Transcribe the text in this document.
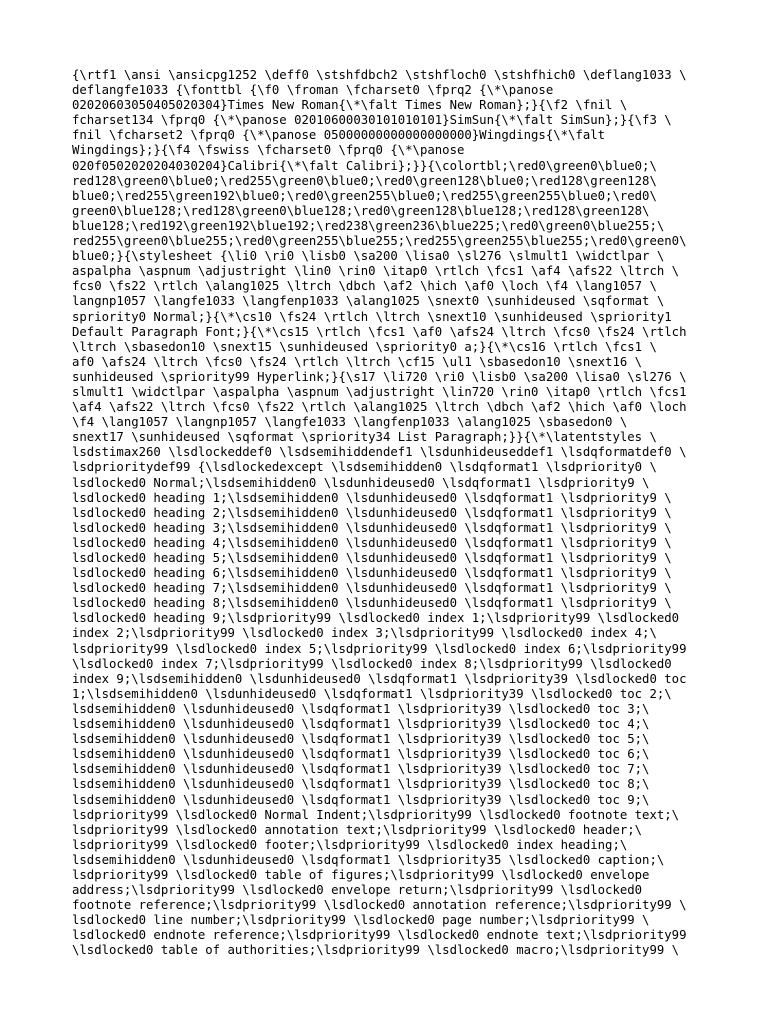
{\rtf1 \ansi \ansicpg1252 \deff0 \stshfdbch2 \stshfloch0 \stshfhich0 \deflang1033 \
deflangfe1033 {\fonttbl {\f0 \froman \fcharset0 \fprq2 {\*\panose
02020603050405020304}Times New Roman{\*\falt Times New Roman};}{\f2 \fnil \
fcharset134 \fprq0 {\*\panose 02010600030101010101}SimSun{\*\falt SimSun};}{\f3 \
fnil \fcharset2 \fprq0 {\*\panose 05000000000000000000}Wingdings{\*\falt
Wingdings};}{\f4 \fswiss \fcharset0 \fprq0 {\*\panose
020f0502020204030204}Calibri{\*\falt Calibri};}}{\colortbl;\red0\green0\blue0;\
red128\green0\blue0;\red255\green0\blue0;\red0\green128\blue0;\red128\green128\
blue0;\red255\green192\blue0;\red0\green255\blue0;\red255\green255\blue0;\red0\
green0\blue128;\red128\green0\blue128;\red0\green128\blue128;\red128\green128\
blue128;\red192\green192\blue192;\red238\green236\blue225;\red0\green0\blue255;\
red255\green0\blue255;\red0\green255\blue255;\red255\green255\blue255;\red0\green0\
blue0;}{\stylesheet {\li0 \ri0 \lisb0 \sa200 \lisa0 \sl276 \slmult1 \widctlpar \
aspalpha \aspnum \adjustright \lin0 \rin0 \itap0 \rtlch \fcs1 \af4 \afs22 \ltrch \
fcs0 \fs22 \rtlch \alang1025 \ltrch \dbch \af2 \hich \af0 \loch \f4 \lang1057 \
langnp1057 \langfe1033 \langfenp1033 \alang1025 \snext0 \sunhideused \sqformat \
spriority0 Normal;}{\*\cs10 \fs24 \rtlch \ltrch \snext10 \sunhideused \spriority1
Default Paragraph Font;}{\*\cs15 \rtlch \fcs1 \af0 \afs24 \ltrch \fcs0 \fs24 \rtlch
\ltrch \sbasedon10 \snext15 \sunhideused \spriority0 a;}{\*\cs16 \rtlch \fcs1 \
af0 \afs24 \ltrch \fcs0 \fs24 \rtlch \ltrch \cf15 \ul1 \sbasedon10 \snext16 \
sunhideused \spriority99 Hyperlink;}{\s17 \li720 \ri0 \lisb0 \sa200 \lisa0 \sl276 \
slmult1 \widctlpar \aspalpha \aspnum \adjustright \lin720 \rin0 \itap0 \rtlch \fcs1
\af4 \afs22 \ltrch \fcs0 \fs22 \rtlch \alang1025 \ltrch \dbch \af2 \hich \af0 \loch
\f4 \lang1057 \langnp1057 \langfe1033 \langfenp1033 \alang1025 \sbasedon0 \
snext17 \sunhideused \sqformat \spriority34 List Paragraph;}}{\*\latentstyles \
lsdstimax260 \lsdlockeddef0 \lsdsemihiddendef1 \lsdunhideuseddef1 \lsdqformatdef0 \
lsdprioritydef99 {\lsdlockedexcept \lsdsemihidden0 \lsdqformat1 \lsdpriority0 \
lsdlocked0 Normal;\lsdsemihidden0 \lsdunhideused0 \lsdqformat1 \lsdpriority9 \
lsdlocked0 heading 1;\lsdsemihidden0 \lsdunhideused0 \lsdqformat1 \lsdpriority9 \
lsdlocked0 heading 2;\lsdsemihidden0 \lsdunhideused0 \lsdqformat1 \lsdpriority9 \
lsdlocked0 heading 3;\lsdsemihidden0 \lsdunhideused0 \lsdqformat1 \lsdpriority9 \
lsdlocked0 heading 4;\lsdsemihidden0 \lsdunhideused0 \lsdqformat1 \lsdpriority9 \
lsdlocked0 heading 5;\lsdsemihidden0 \lsdunhideused0 \lsdqformat1 \lsdpriority9 \
lsdlocked0 heading 6;\lsdsemihidden0 \lsdunhideused0 \lsdqformat1 \lsdpriority9 \
lsdlocked0 heading 7;\lsdsemihidden0 \lsdunhideused0 \lsdqformat1 \lsdpriority9 \
lsdlocked0 heading 8;\lsdsemihidden0 \lsdunhideused0 \lsdqformat1 \lsdpriority9 \
lsdlocked0 heading 9;\lsdpriority99 \lsdlocked0 index 1;\lsdpriority99 \lsdlocked0
index 2;\lsdpriority99 \lsdlocked0 index 3;\lsdpriority99 \lsdlocked0 index 4;\
lsdpriority99 \lsdlocked0 index 5;\lsdpriority99 \lsdlocked0 index 6;\lsdpriority99
\lsdlocked0 index 7;\lsdpriority99 \lsdlocked0 index 8;\lsdpriority99 \lsdlocked0
index 9;\lsdsemihidden0 \lsdunhideused0 \lsdqformat1 \lsdpriority39 \lsdlocked0 toc
1;\lsdsemihidden0 \lsdunhideused0 \lsdqformat1 \lsdpriority39 \lsdlocked0 toc 2;\
lsdsemihidden0 \lsdunhideused0 \lsdqformat1 \lsdpriority39 \lsdlocked0 toc 3;\
lsdsemihidden0 \lsdunhideused0 \lsdqformat1 \lsdpriority39 \lsdlocked0 toc 4;\
lsdsemihidden0 \lsdunhideused0 \lsdqformat1 \lsdpriority39 \lsdlocked0 toc 5;\
lsdsemihidden0 \lsdunhideused0 \lsdqformat1 \lsdpriority39 \lsdlocked0 toc 6;\
lsdsemihidden0 \lsdunhideused0 \lsdqformat1 \lsdpriority39 \lsdlocked0 toc 7;\
lsdsemihidden0 \lsdunhideused0 \lsdqformat1 \lsdpriority39 \lsdlocked0 toc 8;\
lsdsemihidden0 \lsdunhideused0 \lsdqformat1 \lsdpriority39 \lsdlocked0 toc 9;\
lsdpriority99 \lsdlocked0 Normal Indent;\lsdpriority99 \lsdlocked0 footnote text;\
lsdpriority99 \lsdlocked0 annotation text;\lsdpriority99 \lsdlocked0 header;\
lsdpriority99 \lsdlocked0 footer;\lsdpriority99 \lsdlocked0 index heading;\
lsdsemihidden0 \lsdunhideused0 \lsdqformat1 \lsdpriority35 \lsdlocked0 caption;\
lsdpriority99 \lsdlocked0 table of figures;\lsdpriority99 \lsdlocked0 envelope
address;\lsdpriority99 \lsdlocked0 envelope return;\lsdpriority99 \lsdlocked0
footnote reference;\lsdpriority99 \lsdlocked0 annotation reference;\lsdpriority99 \
lsdlocked0 line number;\lsdpriority99 \lsdlocked0 page number;\lsdpriority99 \
lsdlocked0 endnote reference;\lsdpriority99 \lsdlocked0 endnote text;\lsdpriority99
\lsdlocked0 table of authorities;\lsdpriority99 \lsdlocked0 macro;\lsdpriority99 \
